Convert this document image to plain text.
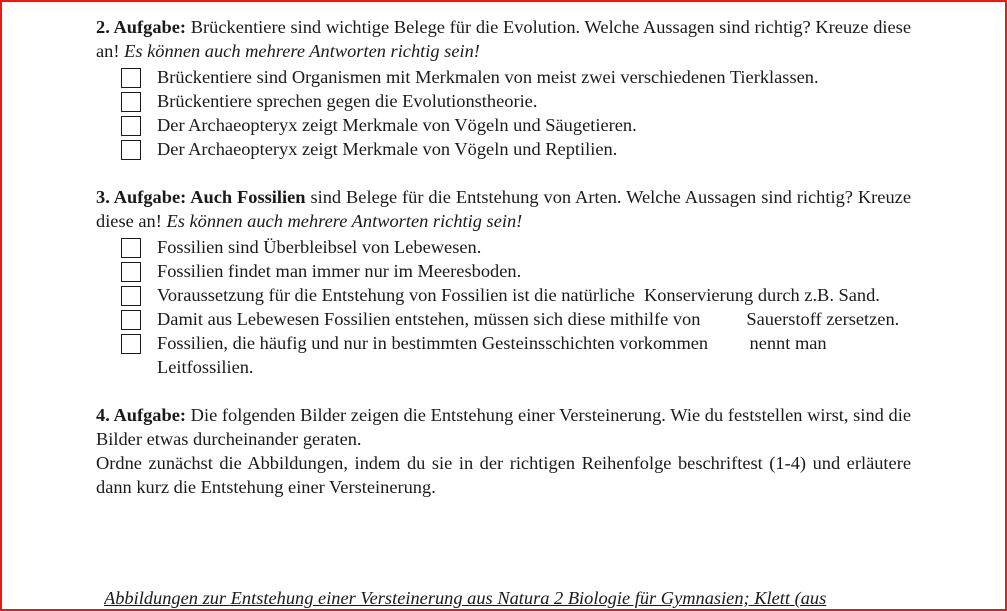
2. Aufgabe: Brückentiere sind wichtige Belege für die Evolution. Welche Aussagen sind richtig? Kreuze diese an! Es können auch mehrere Antworten richtig sein!

Brückentiere sind Organismen mit Merkmalen von meist zwei verschiedenen Tierklassen.
Brückentiere sprechen gegen die Evolutionstheorie.
Der Archaeopteryx zeigt Merkmale von Vögeln und Säugetieren.
Der Archaeopteryx zeigt Merkmale von Vögeln und Reptilien.

3. Aufgabe: Auch Fossilien sind Belege für die Entstehung von Arten. Welche Aussagen sind richtig? Kreuze diese an! Es können auch mehrere Antworten richtig sein!

Fossilien sind Überbleibsel von Lebewesen.
Fossilien findet man immer nur im Meeresboden.
Voraussetzung für die Entstehung von Fossilien ist die natürliche  Konservierung durch z.B. Sand.
Damit aus Lebewesen Fossilien entstehen, müssen sich diese mithilfe von          Sauerstoff zersetzen.
Fossilien, die häufig und nur in bestimmten Gesteinsschichten vorkommen         nennt man Leitfossilien.

4. Aufgabe: Die folgenden Bilder zeigen die Entstehung einer Versteinerung. Wie du feststellen wirst, sind die Bilder etwas durcheinander geraten.

Ordne zunächst die Abbildungen, indem du sie in der richtigen Reihenfolge beschriftest (1-4) und erläutere dann kurz die Entstehung einer Versteinerung.

Abbildungen zur Entstehung einer Versteinerung aus Natura 2 Biologie für Gymnasien; Klett (aus
